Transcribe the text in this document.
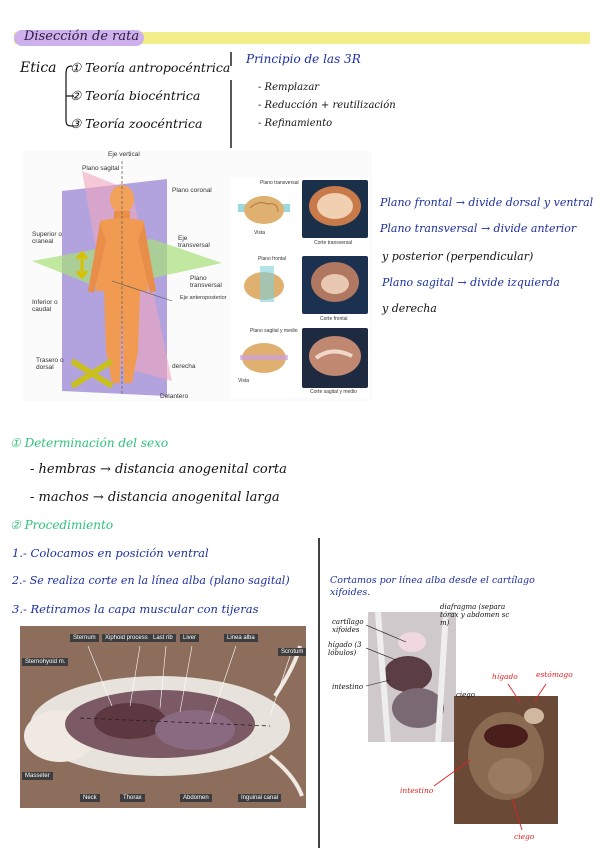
Disección de rata
Etica ① Teoría antropocéntrica
② Teoría biocéntrica
③ Teoría zoocéntrica
Principio de las 3R
- Remplazar
- Reducción + reutilización
- Refinamiento
Eje vertical
Plano sagital
Plano coronal
Superior o craneal	Eje transversal
Plano transversal
Inferior o caudal
Eje anteroposterior
Trasero o dorsal	derecha
Delantero
Plano transversal
Vista
Corte transversal
Plano frontal
Corte frontal
Plano sagital y medio
Vista
Corte sagital y medio
Plano frontal → divide dorsal y ventral
Plano transversal → divide anterior
y posterior (perpendicular)
Plano sagital → divide izquierda
y derecha
① Determinación del sexo
- hembras → distancia anogenital corta
- machos → distancia anogenital larga
② Procedimiento
1.- Colocamos en posición ventral
2.- Se realiza corte en la línea alba (plano sagital)
3.- Retiramos la capa muscular con tijeras
Sternum	Xiphoid process Last rib	Liver	Linea alba
Sternohyoid m.
Masseter
Scrotum
Neck	Thorax	Abdomen	Inguinal canal
Cortamos por línea alba desde el cartílago xifoides.
diafragma (separa tórax y abdomen sc m)
cartílago xifoides
hígado (3 lóbulos)
intestino
ciego
hígado estómago
intestino
ciego
